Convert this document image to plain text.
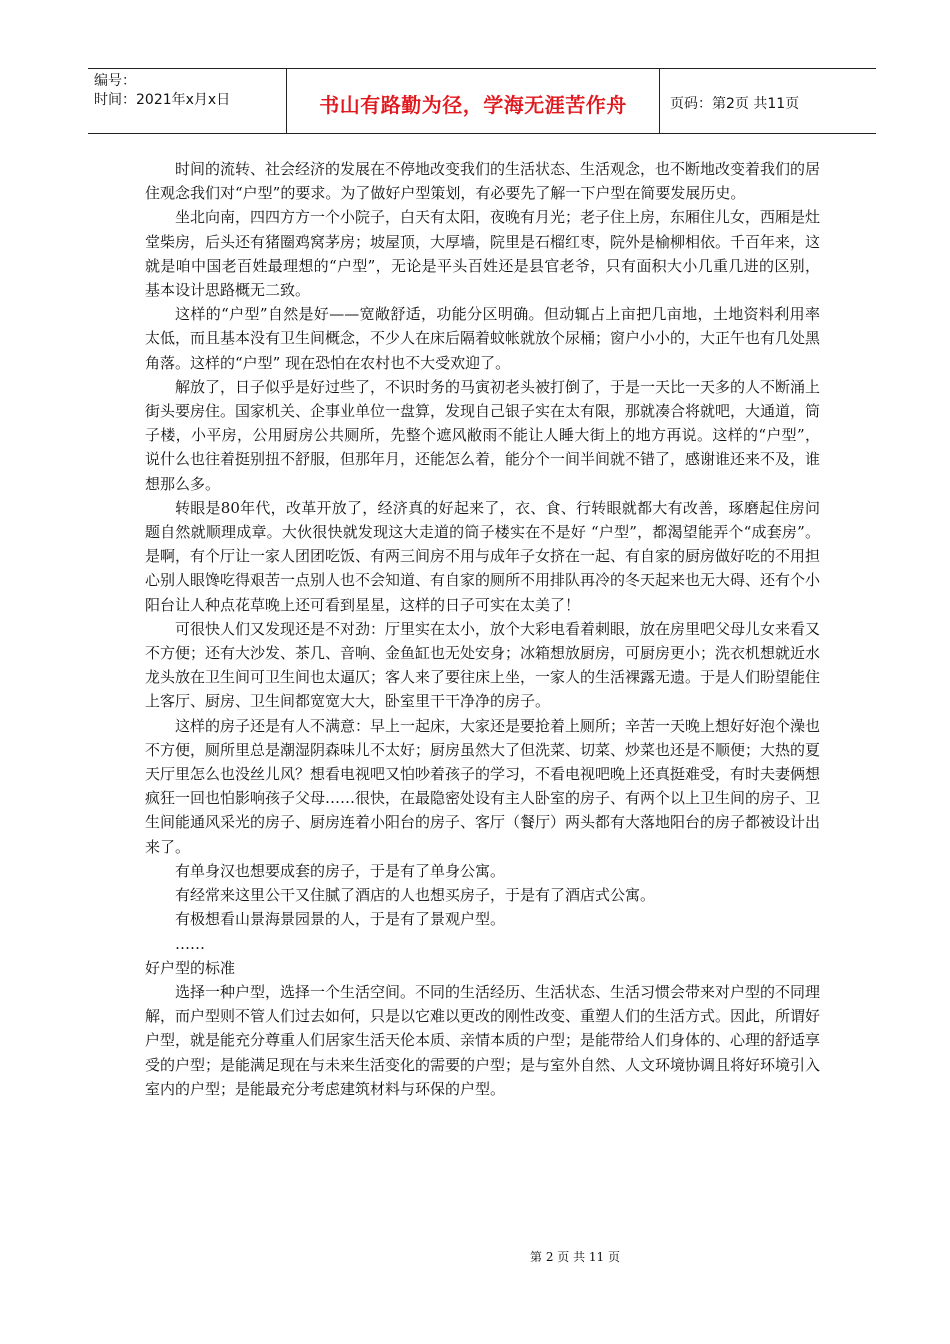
编号：
时间：2021年x月x日	书山有路勤为径，学海无涯苦作舟	页码：第2页 共11页

时间的流转、社会经济的发展在不停地改变我们的生活状态、生活观念，也不断地改变着我们的居住观念我们对“户型”的要求。为了做好户型策划，有必要先了解一下户型在简要发展历史。

坐北向南，四四方方一个小院子，白天有太阳，夜晚有月光；老子住上房，东厢住儿女，西厢是灶堂柴房，后头还有猪圈鸡窝茅房；坡屋顶，大厚墙，院里是石榴红枣，院外是榆柳相依。千百年来，这就是咱中国老百姓最理想的“户型”，无论是平头百姓还是县官老爷，只有面积大小几重几进的区别，基本设计思路概无二致。

这样的“户型”自然是好——宽敞舒适，功能分区明确。但动辄占上亩把几亩地，土地资料利用率太低，而且基本没有卫生间概念，不少人在床后隔着蚊帐就放个尿桶；窗户小小的，大正午也有几处黑角落。这样的“户型” 现在恐怕在农村也不大受欢迎了。

解放了，日子似乎是好过些了，不识时务的马寅初老头被打倒了，于是一天比一天多的人不断涌上街头要房住。国家机关、企事业单位一盘算，发现自己银子实在太有限，那就凑合将就吧，大通道，筒子楼，小平房，公用厨房公共厕所，先整个遮风敝雨不能让人睡大街上的地方再说。这样的“户型”，说什么也往着挺别扭不舒服，但那年月，还能怎么着，能分个一间半间就不错了，感谢谁还来不及，谁想那么多。

转眼是80年代，改革开放了，经济真的好起来了，衣、食、行转眼就都大有改善，琢磨起住房问题自然就顺理成章。大伙很快就发现这大走道的筒子楼实在不是好 “户型”，都渴望能弄个“成套房”。是啊，有个厅让一家人团团吃饭、有两三间房不用与成年子女挤在一起、有自家的厨房做好吃的不用担心别人眼馋吃得艰苦一点别人也不会知道、有自家的厕所不用排队再冷的冬天起来也无大碍、还有个小阳台让人种点花草晚上还可看到星星，这样的日子可实在太美了！

可很快人们又发现还是不对劲：厅里实在太小，放个大彩电看着刺眼，放在房里吧父母儿女来看又不方便；还有大沙发、茶几、音响、金鱼缸也无处安身；冰箱想放厨房，可厨房更小；洗衣机想就近水龙头放在卫生间可卫生间也太逼仄；客人来了要往床上坐，一家人的生活裸露无遗。于是人们盼望能住上客厅、厨房、卫生间都宽宽大大，卧室里干干净净的房子。

这样的房子还是有人不满意：早上一起床，大家还是要抢着上厕所；辛苦一天晚上想好好泡个澡也不方便，厕所里总是潮湿阴森味儿不太好；厨房虽然大了但洗菜、切菜、炒菜也还是不顺便；大热的夏天厅里怎么也没丝儿风？想看电视吧又怕吵着孩子的学习，不看电视吧晚上还真挺难受，有时夫妻俩想疯狂一回也怕影响孩子父母……很快，在最隐密处设有主人卧室的房子、有两个以上卫生间的房子、卫生间能通风采光的房子、厨房连着小阳台的房子、客厅（餐厅）两头都有大落地阳台的房子都被设计出来了。

有单身汉也想要成套的房子，于是有了单身公寓。

有经常来这里公干又住腻了酒店的人也想买房子，于是有了酒店式公寓。

有极想看山景海景园景的人，于是有了景观户型。

……

好户型的标准

选择一种户型，选择一个生活空间。不同的生活经历、生活状态、生活习惯会带来对户型的不同理解，而户型则不管人们过去如何，只是以它难以更改的刚性改变、重塑人们的生活方式。因此，所谓好户型，就是能充分尊重人们居家生活天伦本质、亲情本质的户型；是能带给人们身体的、心理的舒适享受的户型；是能满足现在与未来生活变化的需要的户型；是与室外自然、人文环境协调且将好环境引入室内的户型；是能最充分考虑建筑材料与环保的户型。

第 2 页 共 11 页
